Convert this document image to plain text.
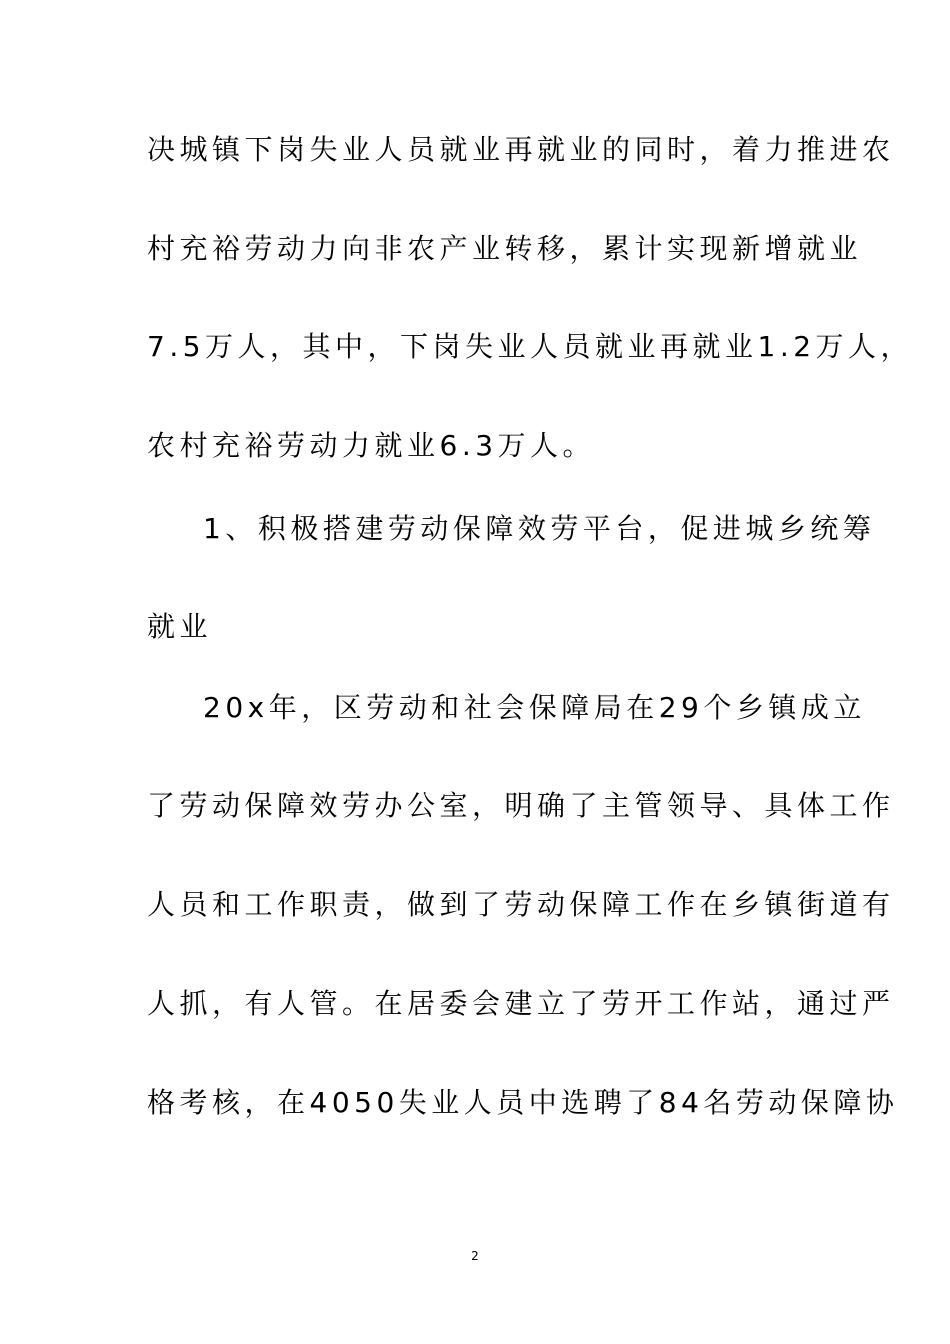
决城镇下岗失业人员就业再就业的同时，着力推进农
村充裕劳动力向非农产业转移，累计实现新增就业
7.5万人，其中，下岗失业人员就业再就业1.2万人，
农村充裕劳动力就业6.3万人。
1、积极搭建劳动保障效劳平台，促进城乡统筹
就业
20x年，区劳动和社会保障局在29个乡镇成立
了劳动保障效劳办公室，明确了主管领导、具体工作
人员和工作职责，做到了劳动保障工作在乡镇街道有
人抓，有人管。在居委会建立了劳开工作站，通过严
格考核，在4050失业人员中选聘了84名劳动保障协
2
